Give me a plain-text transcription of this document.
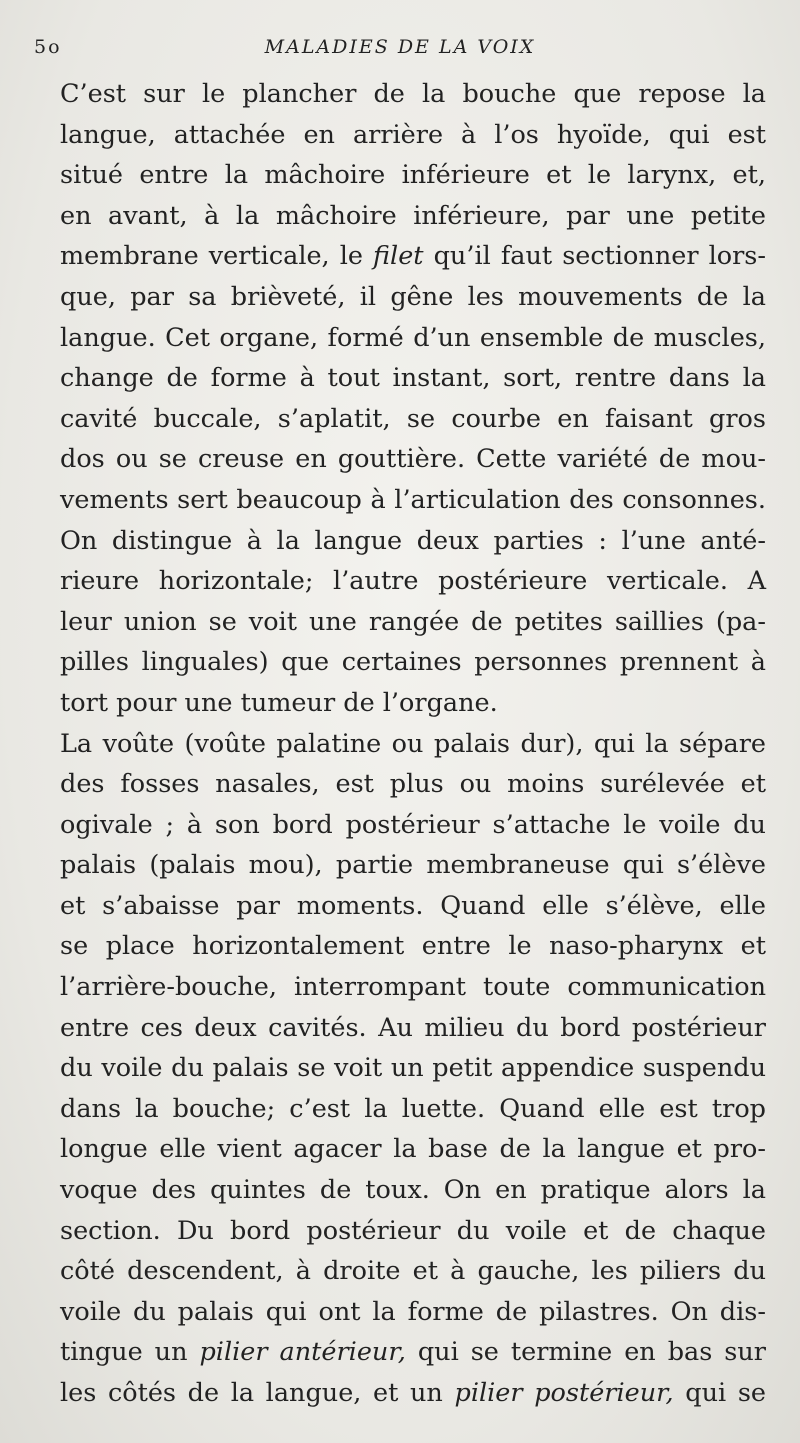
5o	MALADIES DE LA VOIX
C’est sur le plancher de la bouche que repose la
langue, attachée en arrière à l’os hyoïde, qui est
situé entre la mâchoire inférieure et le larynx, et,
en avant, à la mâchoire inférieure, par une petite
membrane verticale, le filet qu’il faut sectionner lors-
que, par sa brièveté, il gêne les mouvements de la
langue. Cet organe, formé d’un ensemble de muscles,
change de forme à tout instant, sort, rentre dans la
cavité buccale, s’aplatit, se courbe en faisant gros
dos ou se creuse en gouttière. Cette variété de mou-
vements sert beaucoup à l’articulation des consonnes.
On distingue à la langue deux parties : l’une anté-
rieure horizontale; l’autre postérieure verticale. A
leur union se voit une rangée de petites saillies (pa-
pilles linguales) que certaines personnes prennent à
tort pour une tumeur de l’organe.
La voûte (voûte palatine ou palais dur), qui la sépare
des fosses nasales, est plus ou moins surélevée et
ogivale ; à son bord postérieur s’attache le voile du
palais (palais mou), partie membraneuse qui s’élève
et s’abaisse par moments. Quand elle s’élève, elle
se place horizontalement entre le naso-pharynx et
l’arrière-bouche, interrompant toute communication
entre ces deux cavités. Au milieu du bord postérieur
du voile du palais se voit un petit appendice suspendu
dans la bouche; c’est la luette. Quand elle est trop
longue elle vient agacer la base de la langue et pro-
voque des quintes de toux. On en pratique alors la
section. Du bord postérieur du voile et de chaque
côté descendent, à droite et à gauche, les piliers du
voile du palais qui ont la forme de pilastres. On dis-
tingue un pilier antérieur, qui se termine en bas sur
les côtés de la langue, et un pilier postérieur, qui se
